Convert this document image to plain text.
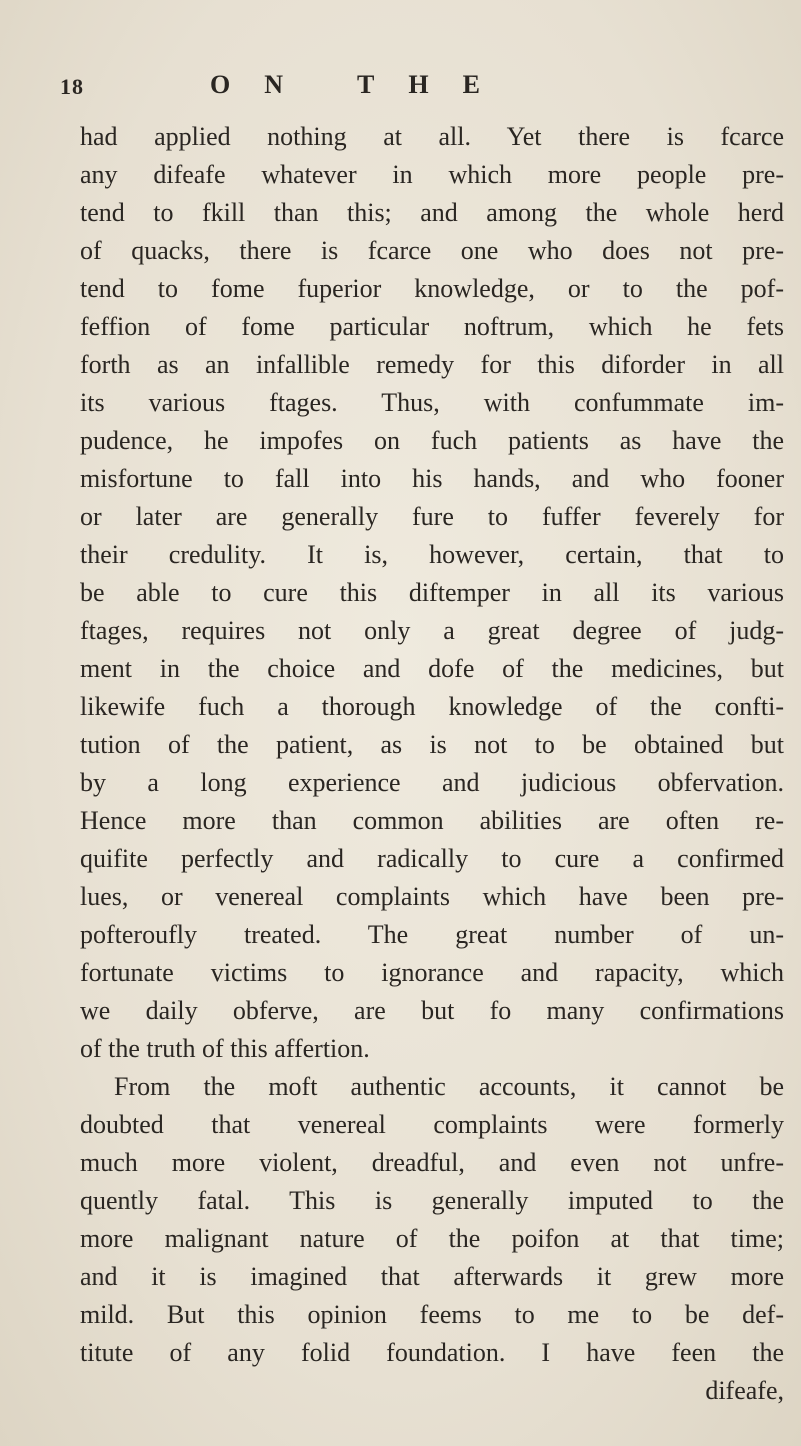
18	ON THE
had applied nothing at all. Yet there is fcarce
any difeafe whatever in which more people pre-
tend to fkill than this; and among the whole herd
of quacks, there is fcarce one who does not pre-
tend to fome fuperior knowledge, or to the pof-
feffion of fome particular noftrum, which he fets
forth as an infallible remedy for this diforder in all
its various ftages. Thus, with confummate im-
pudence, he impofes on fuch patients as have the
misfortune to fall into his hands, and who fooner
or later are generally fure to fuffer feverely for
their credulity. It is, however, certain, that to
be able to cure this diftemper in all its various
ftages, requires not only a great degree of judg-
ment in the choice and dofe of the medicines, but
likewife fuch a thorough knowledge of the confti-
tution of the patient, as is not to be obtained but
by a long experience and judicious obfervation.
Hence more than common abilities are often re-
quifite perfectly and radically to cure a confirmed
lues, or venereal complaints which have been pre-
pofteroufly treated. The great number of un-
fortunate victims to ignorance and rapacity, which
we daily obferve, are but fo many confirmations
of the truth of this affertion.
From the moft authentic accounts, it cannot be
doubted that venereal complaints were formerly
much more violent, dreadful, and even not unfre-
quently fatal. This is generally imputed to the
more malignant nature of the poifon at that time;
and it is imagined that afterwards it grew more
mild. But this opinion feems to me to be def-
titute of any folid foundation. I have feen the
difeafe,
